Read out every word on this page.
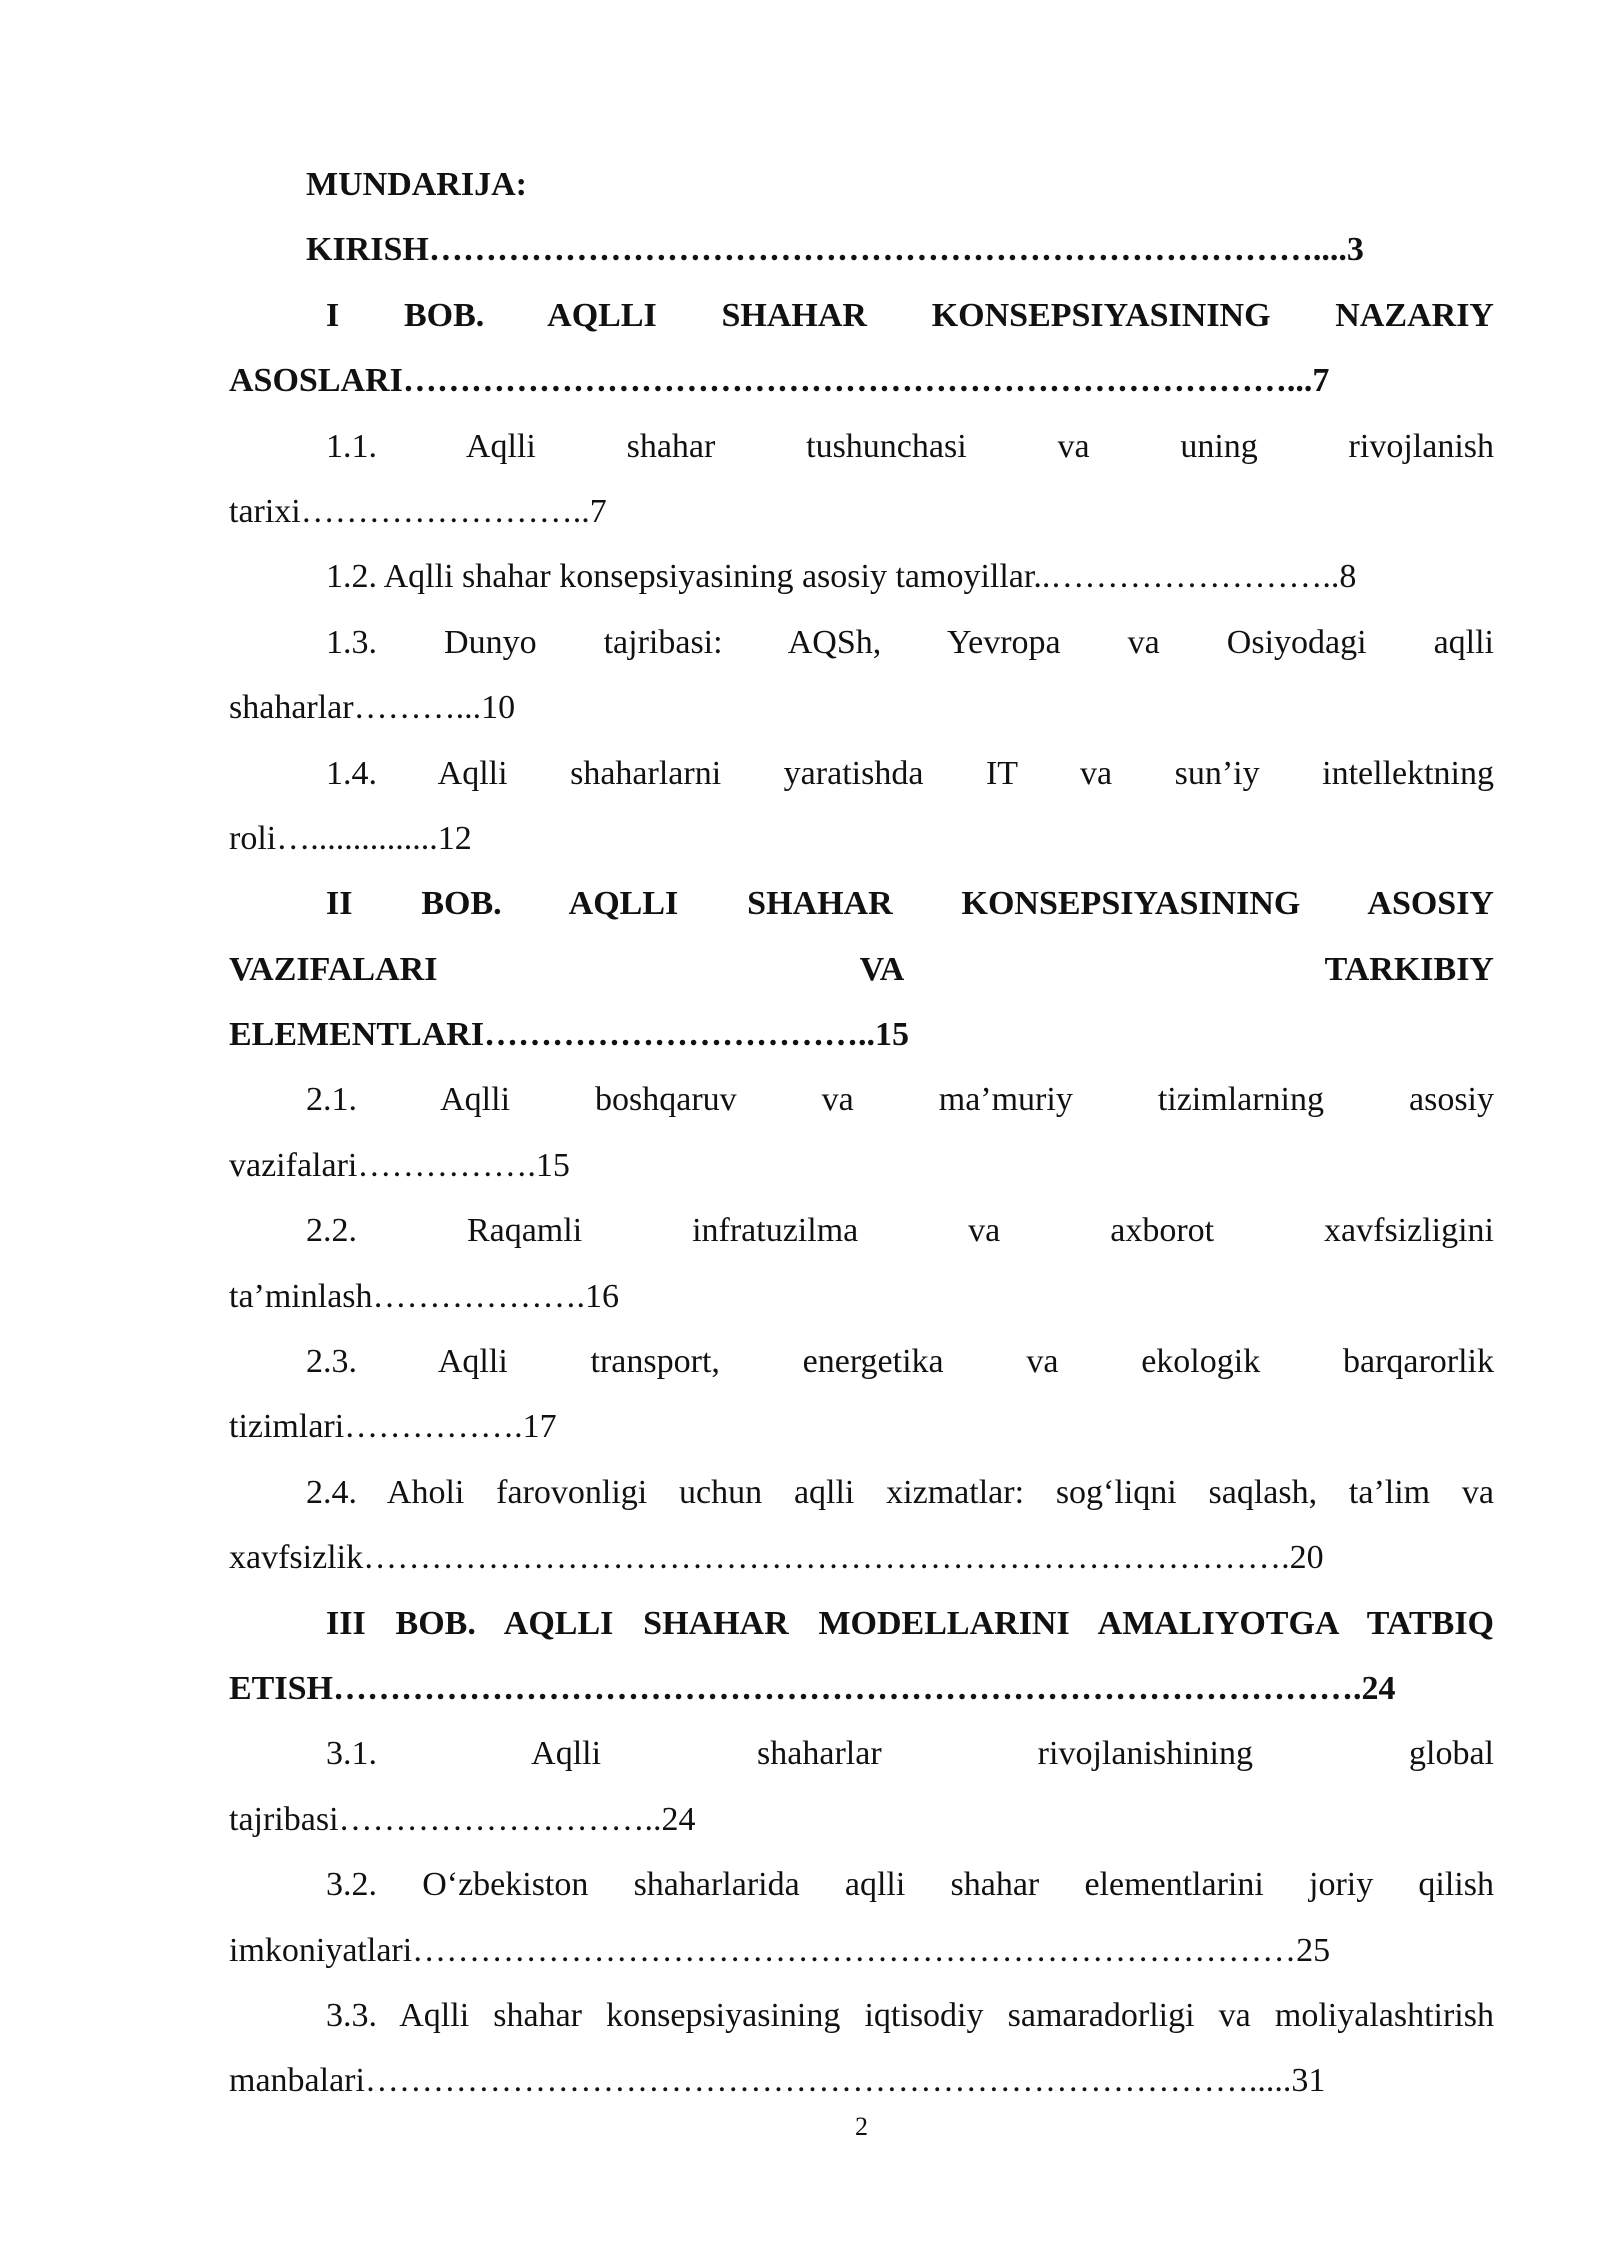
MUNDARIJA:
KIRISH……………………………………………………………………....3
I BOB. AQLLI SHAHAR KONSEPSIYASINING NAZARIY
ASOSLARI……………………………………………………………………...7
1.1. Aqlli shahar tushunchasi va uning rivojlanish
tarixi……………………..7
1.2. Aqlli shahar konsepsiyasining asosiy tamoyillar..……………………..8
1.3. Dunyo tajribasi: AQSh, Yevropa va Osiyodagi aqlli
shaharlar………...10
1.4. Aqlli shaharlarni yaratishda IT va sun’iy intellektning
roli…...............12
II BOB. AQLLI SHAHAR KONSEPSIYASINING ASOSIY
VAZIFALARI VA TARKIBIY
ELEMENTLARI……………………………..15
2.1. Aqlli boshqaruv va ma’muriy tizimlarning asosiy
vazifalari…………….15
2.2. Raqamli infratuzilma va axborot xavfsizligini
ta’minlash……………….16
2.3. Aqlli transport, energetika va ekologik barqarorlik
tizimlari…………….17
2.4. Aholi farovonligi uchun aqlli xizmatlar: sog‘liqni saqlash, ta’lim va
xavfsizlik……………………………………………………………………….20
III BOB. AQLLI SHAHAR MODELLARINI AMALIYOTGA TATBIQ
ETISH……………………………………………………………………………….24
3.1. Aqlli shaharlar rivojlanishining global
tajribasi………………………..24
3.2. O‘zbekiston shaharlarida aqlli shahar elementlarini joriy qilish
imkoniyatlari……………………………………………………………………25
3.3. Aqlli shahar konsepsiyasining iqtisodiy samaradorligi va moliyalashtirish
manbalari…………………………………………………………………….....31
2
